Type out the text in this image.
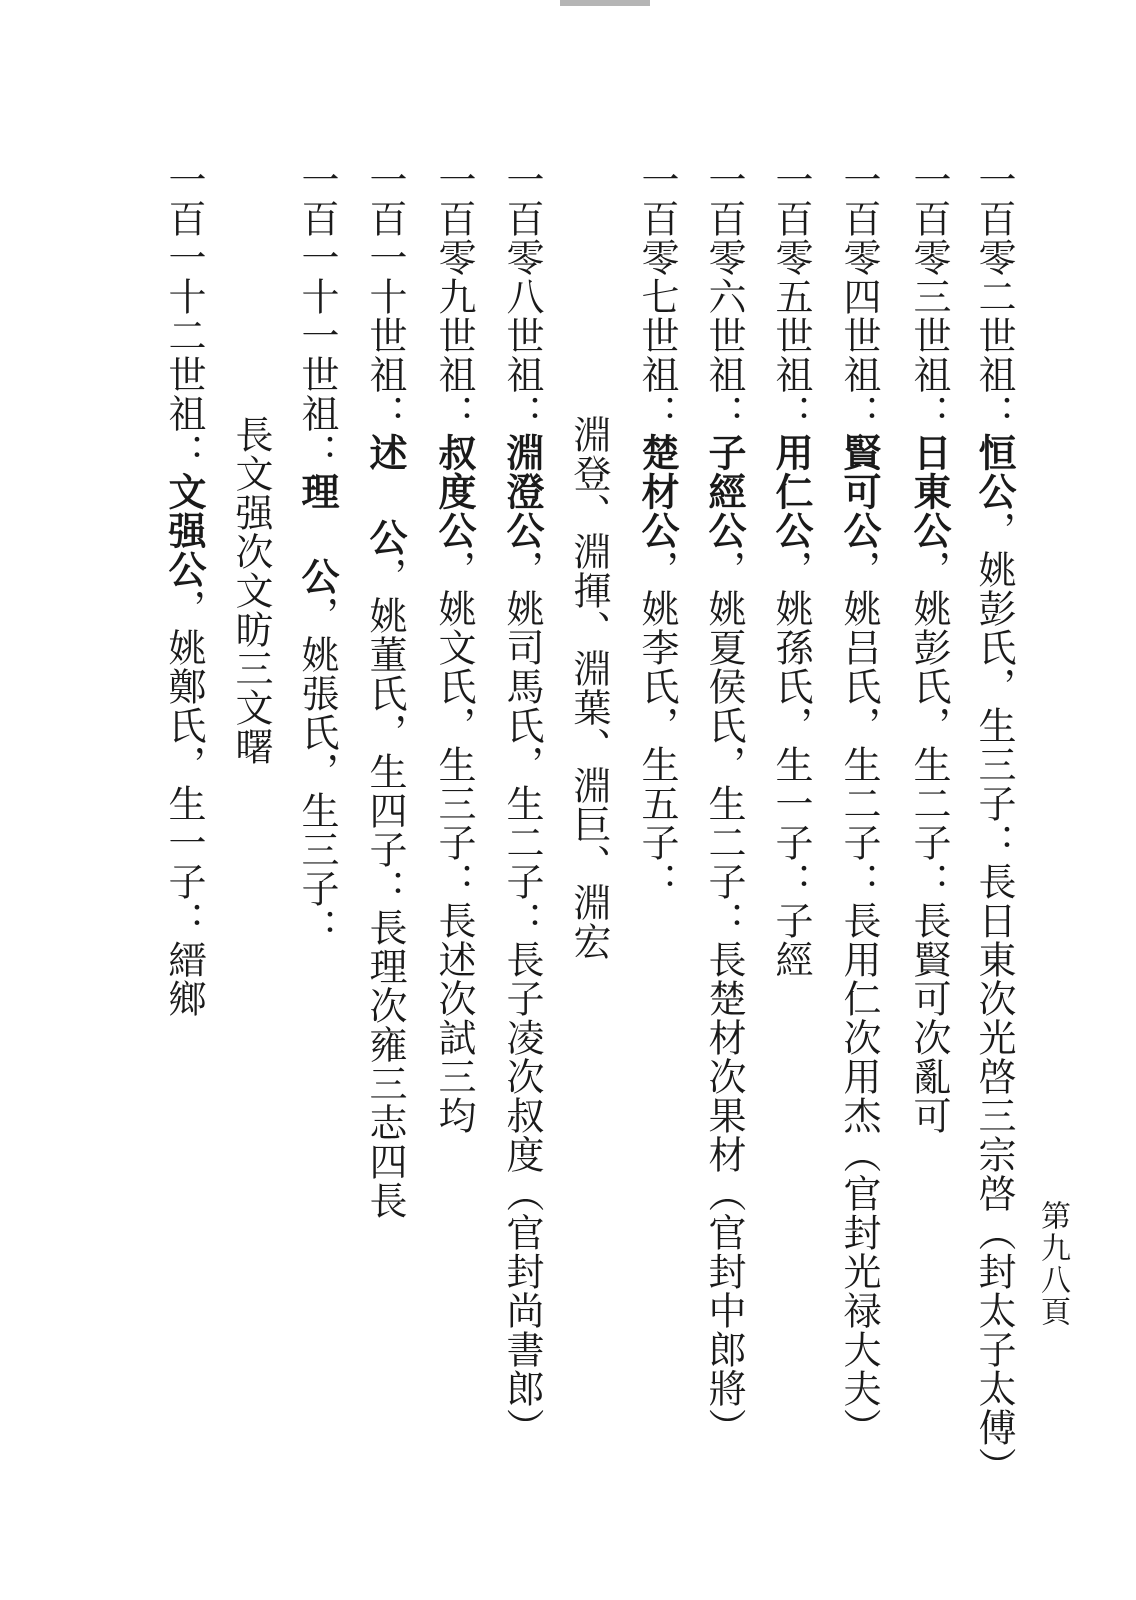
第九八頁
一百零二世祖：恒公，姚彭氏，生三子：長日東次光啓三宗啓（封太子太傅）
一百零三世祖：日東公，姚彭氏，生二子：長賢可次亂可
一百零四世祖：賢可公，姚吕氏，生二子：長用仁次用杰（官封光禄大夫）
一百零五世祖：用仁公，姚孫氏，生一子：子經
一百零六世祖：子經公，姚夏侯氏，生二子：長楚材次果材（官封中郎將）
一百零七世祖：楚材公，姚李氏，生五子：
淵登、淵揮、淵葉、淵巨、淵宏
一百零八世祖：淵澄公，姚司馬氏，生二子：長子凌次叔度（官封尚書郎）
一百零九世祖：叔度公，姚文氏，生三子：長述次試三均
一百一十世祖：述 公，姚董氏，生四子：長理次雍三志四長
一百一十一世祖：理 公，姚張氏，生三子：
長文强次文昉三文曙
一百一十二世祖：文强公，姚鄭氏，生一子：縉鄉
